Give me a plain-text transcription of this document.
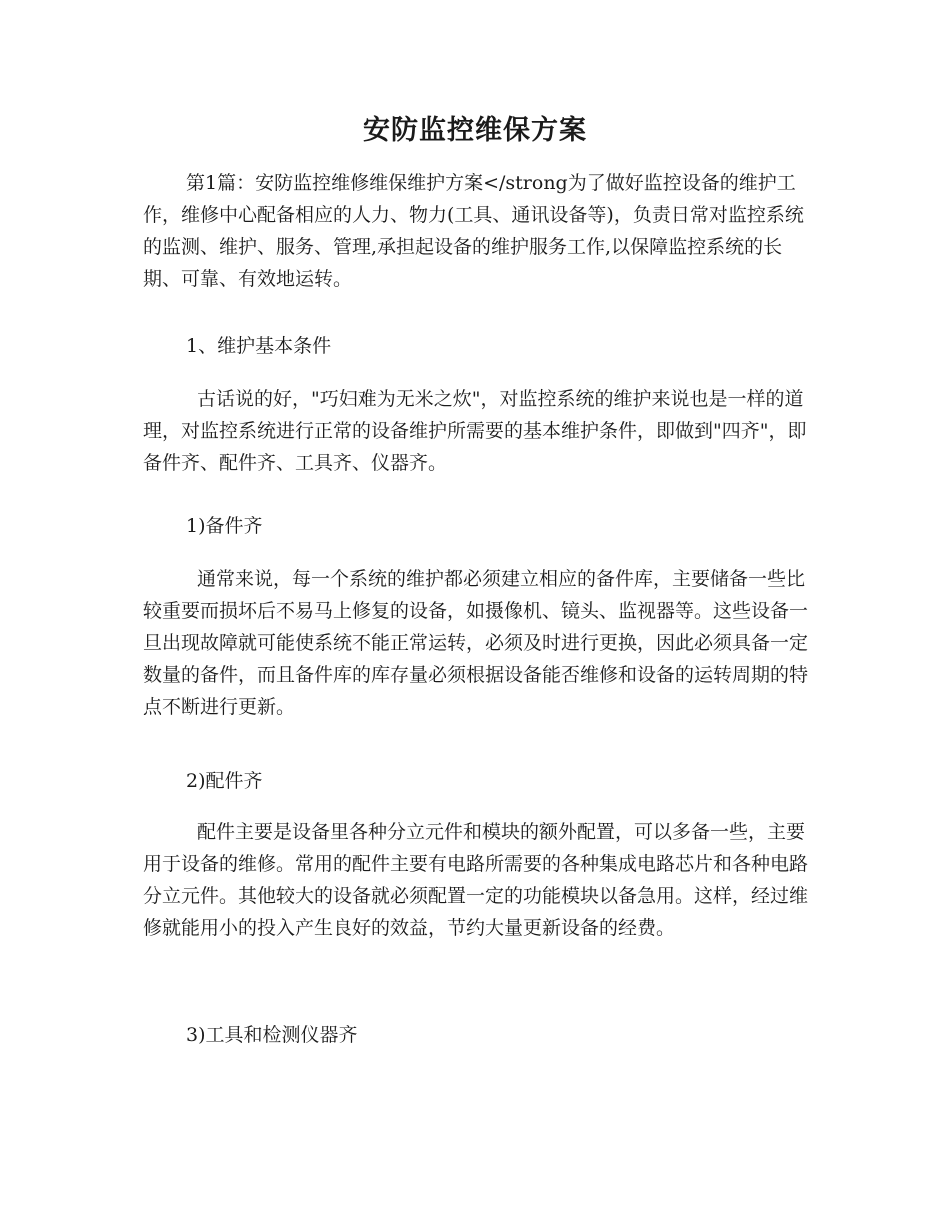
安防监控维保方案

第1篇：安防监控维修维保维护方案</strong为了做好监控设备的维护工作，维修中心配备相应的人力、物力(工具、通讯设备等)，负责日常对监控系统的监测、维护、服务、管理,承担起设备的维护服务工作,以保障监控系统的长期、可靠、有效地运转。

1、维护基本条件

古话说的好，"巧妇难为无米之炊"，对监控系统的维护来说也是一样的道理，对监控系统进行正常的设备维护所需要的基本维护条件，即做到"四齐"，即备件齐、配件齐、工具齐、仪器齐。

1)备件齐

通常来说，每一个系统的维护都必须建立相应的备件库，主要储备一些比较重要而损坏后不易马上修复的设备，如摄像机、镜头、监视器等。这些设备一旦出现故障就可能使系统不能正常运转，必须及时进行更换，因此必须具备一定数量的备件，而且备件库的库存量必须根据设备能否维修和设备的运转周期的特点不断进行更新。

2)配件齐

配件主要是设备里各种分立元件和模块的额外配置，可以多备一些，主要用于设备的维修。常用的配件主要有电路所需要的各种集成电路芯片和各种电路分立元件。其他较大的设备就必须配置一定的功能模块以备急用。这样，经过维修就能用小的投入产生良好的效益，节约大量更新设备的经费。

3)工具和检测仪器齐
